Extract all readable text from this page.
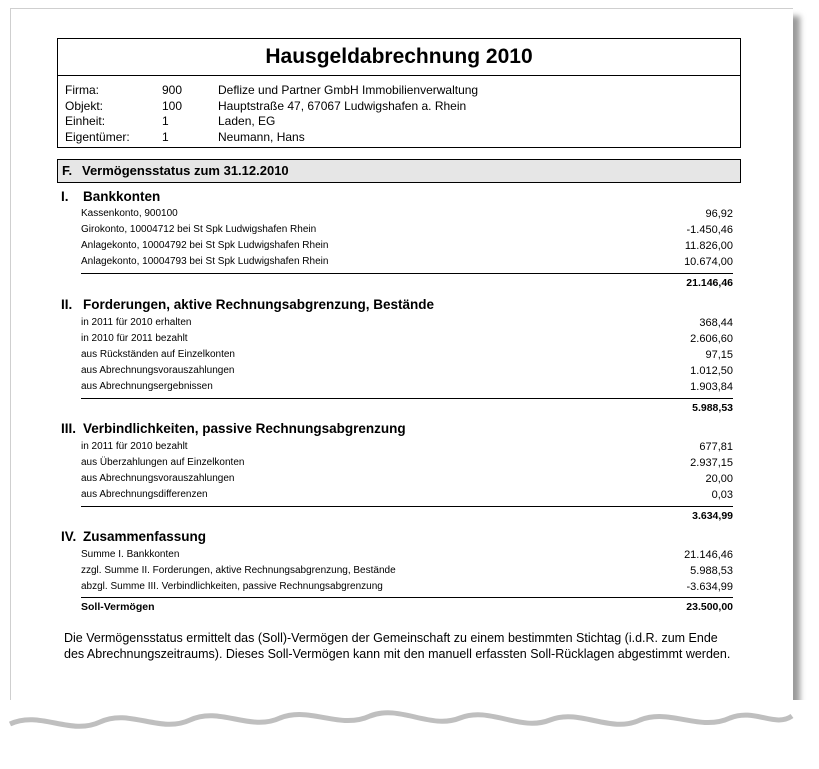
Hausgeldabrechnung 2010
Firma:	900	Deflize und Partner GmbH Immobilienverwaltung
Objekt:	100	Hauptstraße 47, 67067 Ludwigshafen a. Rhein
Einheit:	1	Laden, EG
Eigentümer:	1	Neumann, Hans
F. Vermögensstatus zum 31.12.2010
I. Bankkonten
Kassenkonto, 900100	96,92
Girokonto, 10004712 bei St Spk Ludwigshafen Rhein	-1.450,46
Anlagekonto, 10004792 bei St Spk Ludwigshafen Rhein	11.826,00
Anlagekonto, 10004793 bei St Spk Ludwigshafen Rhein	10.674,00
21.146,46
II. Forderungen, aktive Rechnungsabgrenzung, Bestände
in 2011 für 2010 erhalten	368,44
in 2010 für 2011 bezahlt	2.606,60
aus Rückständen auf Einzelkonten	97,15
aus Abrechnungsvorauszahlungen	1.012,50
aus Abrechnungsergebnissen	1.903,84
5.988,53
III. Verbindlichkeiten, passive Rechnungsabgrenzung
in 2011 für 2010 bezahlt	677,81
aus Überzahlungen auf Einzelkonten	2.937,15
aus Abrechnungsvorauszahlungen	20,00
aus Abrechnungsdifferenzen	0,03
3.634,99
IV. Zusammenfassung
Summe I. Bankkonten	21.146,46
zzgl. Summe II. Forderungen, aktive Rechnungsabgrenzung, Bestände	5.988,53
abzgl. Summe III. Verbindlichkeiten, passive Rechnungsabgrenzung	-3.634,99
Soll-Vermögen	23.500,00
Die Vermögensstatus ermittelt das (Soll)-Vermögen der Gemeinschaft zu einem bestimmten Stichtag (i.d.R. zum Ende des Abrechnungszeitraums). Dieses Soll-Vermögen kann mit den manuell erfassten Soll-Rücklagen abgestimmt werden.
